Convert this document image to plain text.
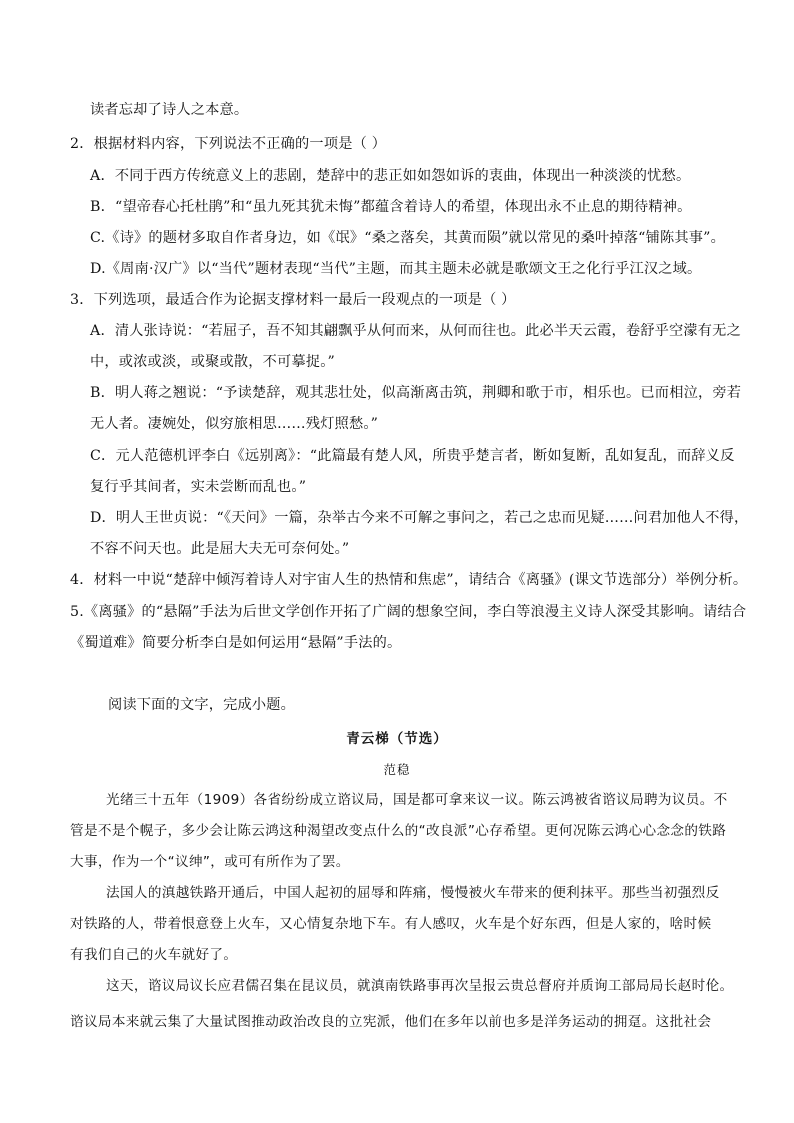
读者忘却了诗人之本意。
2．根据材料内容，下列说法不正确的一项是（ ）
A．不同于西方传统意义上的悲剧，楚辞中的悲正如如怨如诉的衷曲，体现出一种淡淡的忧愁。
B．“望帝春心托杜鹃”和“虽九死其犹未悔”都蕴含着诗人的希望，体现出永不止息的期待精神。
C.《诗》的题材多取自作者身边，如《氓》“桑之落矣，其黄而陨”就以常见的桑叶掉落“铺陈其事”。
D.《周南·汉广》以“当代”题材表现“当代”主题，而其主题未必就是歌颂文王之化行乎江汉之域。
3．下列选项，最适合作为论据支撑材料一最后一段观点的一项是（ ）
A．清人张诗说：“若屈子，吾不知其翩飘乎从何而来，从何而往也。此必半天云霞，卷舒乎空濛有无之
中，或浓或淡，或聚或散，不可摹捉。”
B．明人蒋之翘说：“予读楚辞，观其悲壮处，似高渐离击筑，荆卿和歌于市，相乐也。已而相泣，旁若
无人者。凄婉处，似穷旅相思……残灯照愁。”
C．元人范德机评李白《远别离》：“此篇最有楚人风，所贵乎楚言者，断如复断，乱如复乱，而辞义反
复行乎其间者，实未尝断而乱也。”
D．明人王世贞说：“《天问》一篇，杂举古今来不可解之事问之，若己之忠而见疑……问君加他人不得，
不容不问天也。此是屈大夫无可奈何处。”
4．材料一中说“楚辞中倾泻着诗人对宇宙人生的热情和焦虑”，请结合《离骚》(课文节选部分）举例分析。
5.《离骚》的“悬隔”手法为后世文学创作开拓了广阔的想象空间，李白等浪漫主义诗人深受其影响。请结合
《蜀道难》简要分析李白是如何运用“悬隔”手法的。
阅读下面的文字，完成小题。
青云梯（节选）
范稳
光绪三十五年（1909）各省纷纷成立谘议局，国是都可拿来议一议。陈云鸿被省谘议局聘为议员。不
管是不是个幌子，多少会让陈云鸿这种渴望改变点什么的“改良派”心存希望。更何况陈云鸿心心念念的铁路
大事，作为一个“议绅”，或可有所作为了罢。
法国人的滇越铁路开通后，中国人起初的屈辱和阵痛，慢慢被火车带来的便利抹平。那些当初强烈反
对铁路的人，带着恨意登上火车，又心情复杂地下车。有人感叹，火车是个好东西，但是人家的，啥时候
有我们自己的火车就好了。
这天，谘议局议长应君儒召集在昆议员，就滇南铁路事再次呈报云贵总督府并质询工部局局长赵时伦。
谘议局本来就云集了大量试图推动政治改良的立宪派，他们在多年以前也多是洋务运动的拥趸。这批社会
